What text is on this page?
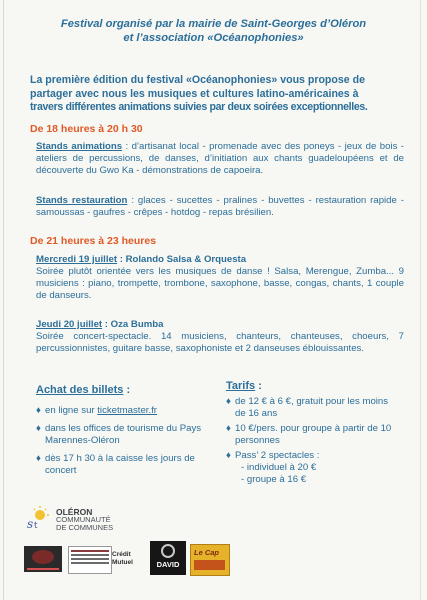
Festival organisé par la mairie de Saint-Georges d’Oléron
et l’association «Océanophonies»
La première édition du festival «Océanophonies» vous propose de
partager avec nous les musiques et cultures latino-américaines à
travers différentes animations suivies par deux soirées exceptionnelles.
De 18 heures à 20 h 30
Stands animations : d’artisanat local - promenade avec des poneys - jeux de bois - ateliers de percussions, de danses, d’initiation aux chants guadeloupéens et de découverte du Gwo Ka - démonstrations de capoeira.
Stands restauration : glaces - sucettes - pralines - buvettes - restauration rapide - samoussas - gaufres - crêpes - hotdog - repas brésilien.
De 21 heures à 23 heures
Mercredi 19 juillet : Rolando Salsa & Orquesta
Soirée plutôt orientée vers les musiques de danse ! Salsa, Merengue, Zumba... 9 musiciens : piano, trompette, trombone, saxophone, basse, congas, chants, 1 couple de danseurs.
Jeudi 20 juillet : Oza Bumba
Soirée concert-spectacle. 14 musiciens, chanteurs, chanteuses, choeurs, 7 percussionnistes, guitare basse, saxophoniste et 2 danseuses éblouissantes.
Achat des billets :
♦ en ligne sur ticketmaster.fr
♦ dans les offices de tourisme du Pays Marennes-Oléron
♦ dès 17 h 30 à la caisse les jours de concert
Tarifs :
♦ de 12 € à 6 €, gratuit pour les moins de 16 ans
♦ 10 €/pers. pour groupe à partir de 10 personnes
♦ Pass’ 2 spectacles :
- individuel à 20 €
- groupe à 16 €
s t
OLÉRON
COMMUNAUTÉ
DE COMMUNES
Crédit Mutuel	DAVID
Le Cap
